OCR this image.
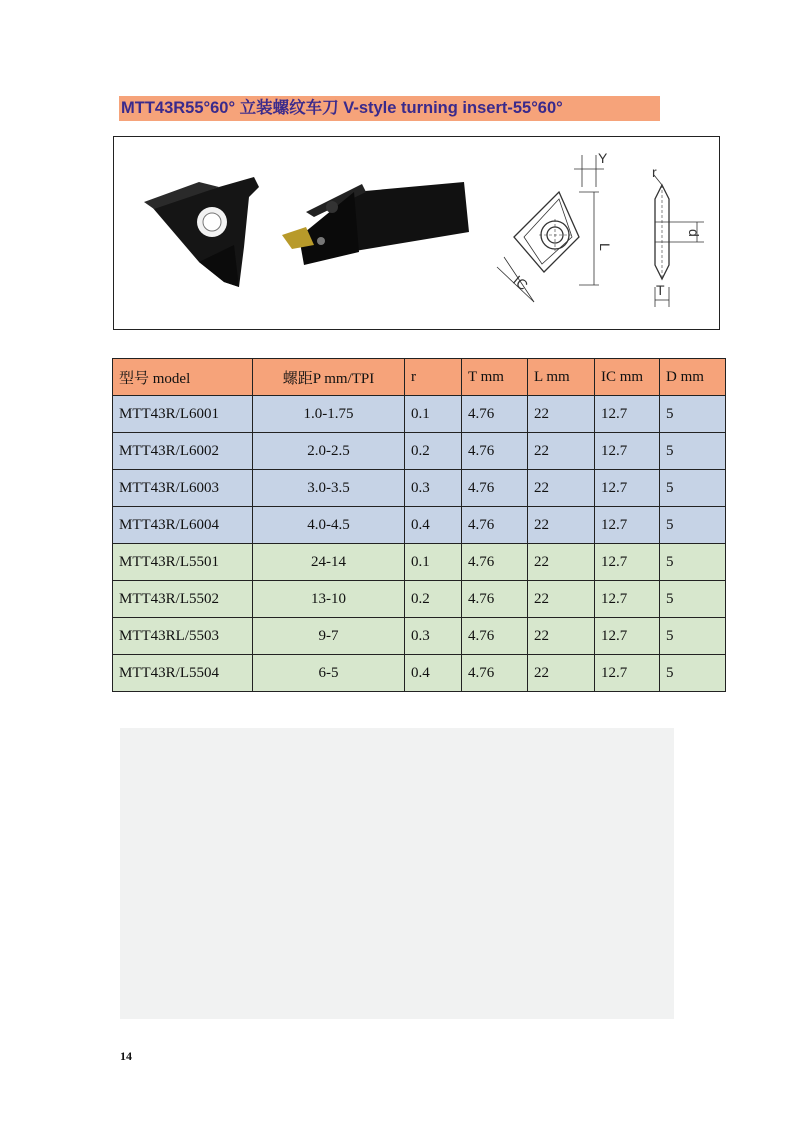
MTT43R55°60° 立装螺纹车刀 V-style turning insert-55°60°
Y
r
L
IC
d
T
型号 model	螺距P mm/TPI	r	T mm	L mm	IC mm	D mm
MTT43R/L6001	1.0-1.75	0.1	4.76	22	12.7	5
MTT43R/L6002	2.0-2.5	0.2	4.76	22	12.7	5
MTT43R/L6003	3.0-3.5	0.3	4.76	22	12.7	5
MTT43R/L6004	4.0-4.5	0.4	4.76	22	12.7	5
MTT43R/L5501	24-14	0.1	4.76	22	12.7	5
MTT43R/L5502	13-10	0.2	4.76	22	12.7	5
MTT43RL/5503	9-7	0.3	4.76	22	12.7	5
MTT43R/L5504	6-5	0.4	4.76	22	12.7	5
14
